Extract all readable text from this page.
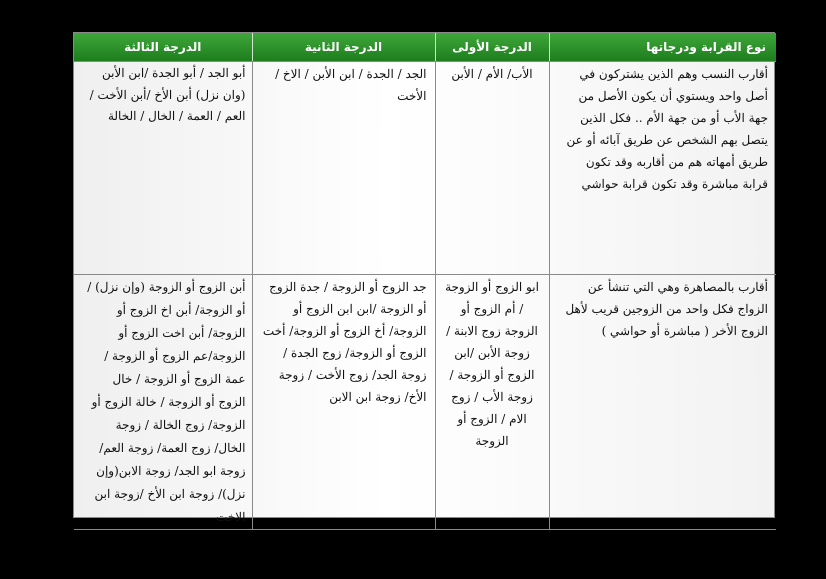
نوع القرابة ودرجاتها	الدرجة الأولى	الدرجة الثانية	الدرجة الثالثة
أقارب النسب وهم الذين يشتركون في أصل واحد ويستوي أن يكون الأصل من جهة الأب أو من جهة الأم .. فكل الذين يتصل بهم الشخص عن طريق آبائه أو عن طريق أمهاته هم من أقاربه وقد تكون قرابة مباشرة وقد تكون قرابة حواشي	الأب/ الأم / الأبن	الجد / الجدة / ابن الأبن / الاخ / الأخت	أبو الجد / أبو الجدة /ابن الأبن (وان نزل) أبن الأخ /أبن الأخت / العم / العمة / الخال / الخالة
أقارب بالمصاهرة وهي التي تنشأ عن الزواج فكل واحد من الزوجين قريب لأهل الزوج الأخر ( مباشرة أو حواشي )	ابو الزوج أو الزوجة / أم الزوج أو الزوجة زوج الابنة /زوجة الأبن /ابن الزوج أو الزوجة / زوجة الأب / زوج الام / الزوج أو الزوجة	جد الزوج أو الزوجة / جدة الزوج أو الزوجة /ابن ابن الزوج أو الزوجة/ أخ الزوج أو الزوجة/ أخت الزوج أو الزوجة/ زوج الجدة /زوجة الجد/ زوج الأخت / زوجة الأخ/ زوجة ابن الابن	أبن الزوج أو الزوجة (وإن نزل) / أو الزوجة/ أبن اخ الزوج أو الزوجة/ أبن اخت الزوج أو الزوجة/عم الزوج أو الزوجة / عمة الزوج أو الزوجة / خال الزوج أو الزوجة / خالة الزوج أو الزوجة/ زوج الخالة / زوجة الخال/ زوج العمة/ زوجة العم/زوجة ابو الجد/ زوجة الابن(وإن نزل)/ زوجة ابن الأخ /زوجة ابن الاخت
